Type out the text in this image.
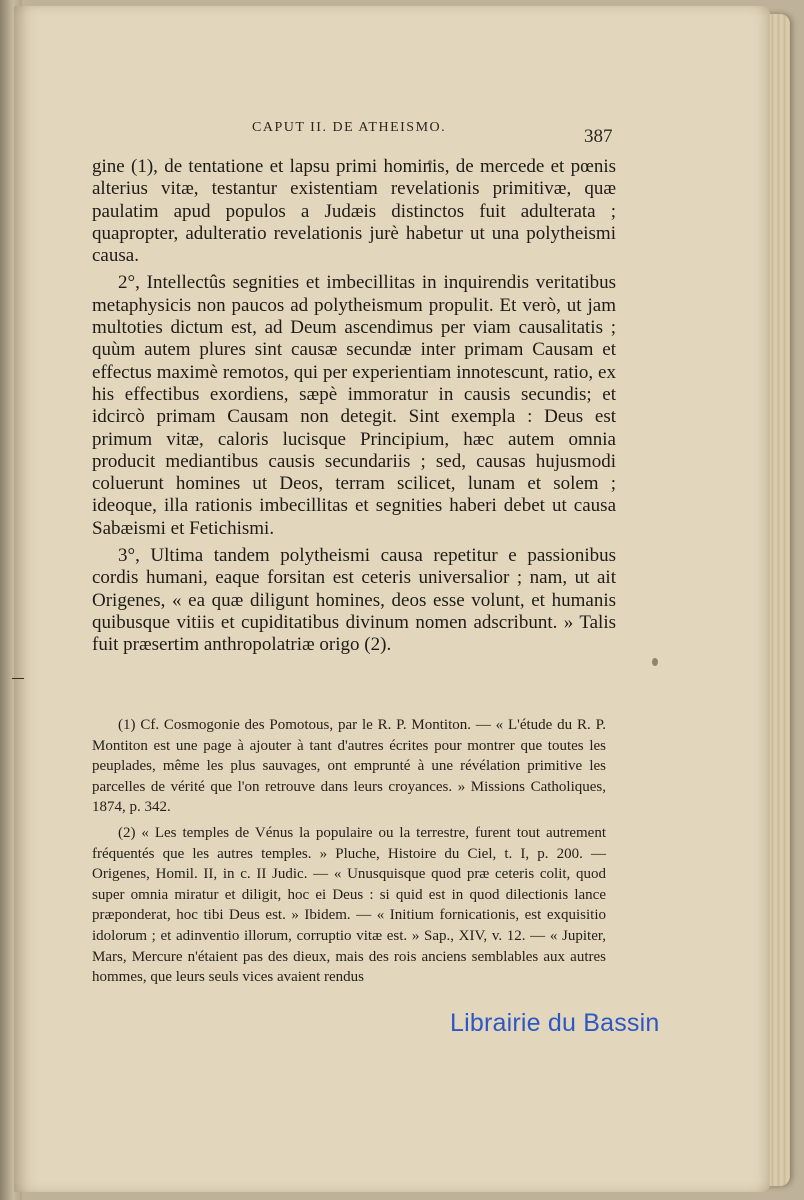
CAPUT II. DE ATHEISMO.	387

gine (1), de tentatione et lapsu primi hominis, de mercede et pœnis alterius vitæ, testantur existentiam revelationis primitivæ, quæ paulatim apud populos a Judæis distinctos fuit adulterata ; quapropter, adulteratio revelationis jurè habetur ut una polytheismi causa.

2°, Intellectûs segnities et imbecillitas in inquirendis veritatibus metaphysicis non paucos ad polytheismum propulit. Et verò, ut jam multoties dictum est, ad Deum ascendimus per viam causalitatis ; quùm autem plures sint causæ secundæ inter primam Causam et effectus maximè remotos, qui per experientiam innotescunt, ratio, ex his effectibus exordiens, sæpè immoratur in causis secundis; et idcircò primam Causam non detegit. Sint exempla : Deus est primum vitæ, caloris lucisque Principium, hæc autem omnia producit mediantibus causis secundariis ; sed, causas hujusmodi coluerunt homines ut Deos, terram scilicet, lunam et solem ; ideoque, illa rationis imbecillitas et segnities haberi debet ut causa Sabæismi et Fetichismi.

3°, Ultima tandem polytheismi causa repetitur e passionibus cordis humani, eaque forsitan est ceteris universalior ; nam, ut ait Origenes, « ea quæ diligunt homines, deos esse volunt, et humanis quibusque vitiis et cupiditatibus divinum nomen adscribunt. » Talis fuit præsertim anthropolatriæ origo (2).

(1) Cf. Cosmogonie des Pomotous, par le R. P. Montiton. — « L'étude du R. P. Montiton est une page à ajouter à tant d'autres écrites pour montrer que toutes les peuplades, même les plus sauvages, ont emprunté à une révélation primitive les parcelles de vérité que l'on retrouve dans leurs croyances. » Missions Catholiques, 1874, p. 342.

(2) « Les temples de Vénus la populaire ou la terrestre, furent tout autrement fréquentés que les autres temples. » Pluche, Histoire du Ciel, t. I, p. 200. — Origenes, Homil. II, in c. II Judic. — « Unusquisque quod præ ceteris colit, quod super omnia miratur et diligit, hoc ei Deus : si quid est in quod dilectionis lance præponderat, hoc tibi Deus est. » Ibidem. — « Initium fornicationis, est exquisitio idolorum ; et adinventio illorum, corruptio vitæ est. » Sap., XIV, v. 12. — « Jupiter, Mars, Mercure n'étaient pas des dieux, mais des rois anciens semblables aux autres hommes, que leurs seuls vices avaient rendus

Librairie du Bassin
